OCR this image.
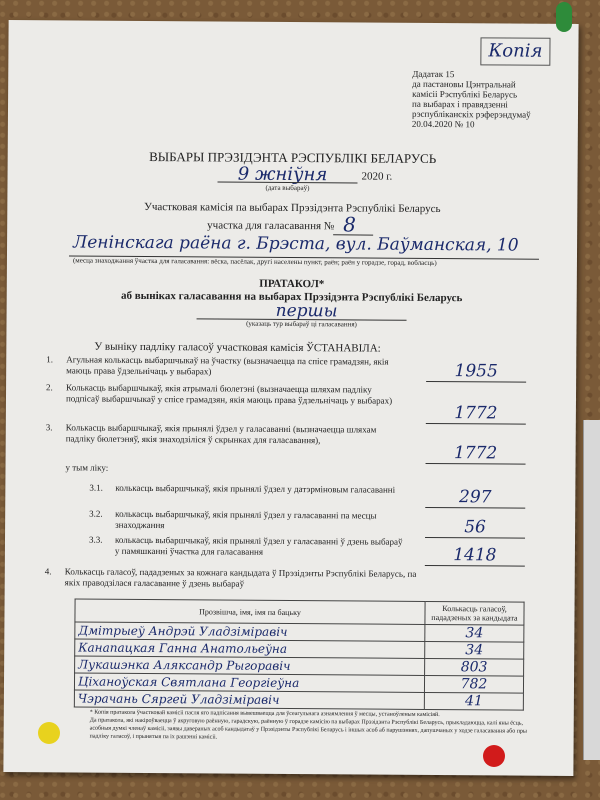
Копія
Дадатак 15
да пастановы Цэнтральнай
камісіі Рэспублікі Беларусь
па выбарах і правядзенні
рэспубліканскіх рэферэндумаў
20.04.2020 № 10
ВЫБАРЫ ПРЭЗІДЭНТА РЭСПУБЛІКІ БЕЛАРУСЬ
9 жніўня	2020 г.
(дата выбараў)
Участковая камісія па выбарах Прэзідэнта Рэспублікі Беларусь
участка для галасавання № 8
Ленінскага раёна г. Брэста, вул. Баўманская, 10
(месца знаходжання ўчастка для галасавання: вёска, пасёлак, другі населены пункт, раён; раён у горадзе, горад, вобласць)
ПРАТАКОЛ*
аб выніках галасавання на выбарах Прэзідэнта Рэспублікі Беларусь
першы
(указаць тур выбараў ці галасавання)
У выніку падліку галасоў участковая камісія ЎСТАНАВІЛА:
1. Агульная колькасць выбаршчыкаў на ўчастку (вызначаецца па спісе грамадзян, якія маюць права ўдзельнічаць у выбарах)	1955
2. Колькасць выбаршчыкаў, якія атрымалі бюлетэні (вызначаецца шляхам падліку подпісаў выбаршчыкаў у спісе грамадзян, якія маюць права ўдзельнічаць у выбарах)
1772
3. Колькасць выбаршчыкаў, якія прынялі ўдзел у галасаванні (вызначаецца шляхам падліку бюлетэняў, якія знаходзіліся ў скрынках для галасавання),
1772
у тым ліку:
3.1. колькасць выбаршчыкаў, якія прынялі ўдзел у датэрміновым галасаванні	297
3.2. колькасць выбаршчыкаў, якія прынялі ўдзел у галасаванні па месцы знаходжання	56
3.3. колькасць выбаршчыкаў, якія прынялі ўдзел у галасаванні ў дзень выбараў у памяшканні ўчастка для галасавання	1418
4. Колькасць галасоў, пададзеных за кожнага кандыдата ў Прэзідэнты Рэспублікі Беларусь, па якіх праводзілася галасаванне ў дзень выбараў
Прозвішча, імя, імя па бацьку	Колькасць галасоў, пададзеных за кандыдата
Дмітрыеў Андрэй Уладзіміравіч	34
Канапацкая Ганна Анатольеўна	34
Лукашэнка Аляксандр Рыгоравіч	803
Ціханоўская Святлана Георгіеўна	782
Чэрачань Сяргей Уладзіміравіч	41
* Копія пратакола ўчастковай камісіі пасля яго падпісання вывешваецца для ўсеагульнага азнаямлення ў месцы, устаноўленым камісіяй.
Да пратакола, які накіроўваецца ў акруговую раённую, гарадскую, раённую ў горадзе камісію па выбарах Прэзідэнта Рэспублікі Беларусь, прыкладаюцца, калі яны ёсць, асобныя думкі членаў камісіі, заявы даверaных асоб кандыдатаў у Прэзідэнты Рэспублікі Беларусь і іншых асоб аб парушэннях, дапушчаных у ходзе галасавання або пры падліку галасоў, і прынятыя па іх рашэнні камісіі.
